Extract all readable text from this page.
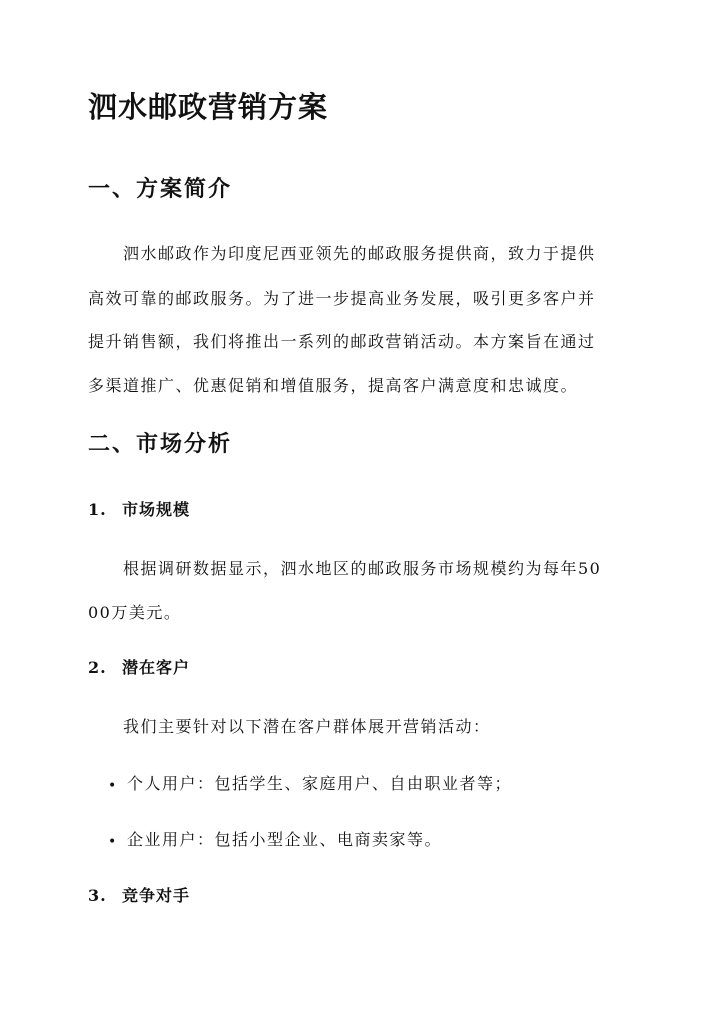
泗水邮政营销方案
一、方案简介

泗水邮政作为印度尼西亚领先的邮政服务提供商，致力于提供

高效可靠的邮政服务。为了进一步提高业务发展，吸引更多客户并

提升销售额，我们将推出一系列的邮政营销活动。本方案旨在通过

多渠道推广、优惠促销和增值服务，提高客户满意度和忠诚度。

二、市场分析
1. 市场规模

根据调研数据显示，泗水地区的邮政服务市场规模约为每年50

00万美元。

2. 潜在客户

我们主要针对以下潜在客户群体展开营销活动：

• 个人用户：包括学生、家庭用户、自由职业者等；

• 企业用户：包括小型企业、电商卖家等。

3. 竞争对手
